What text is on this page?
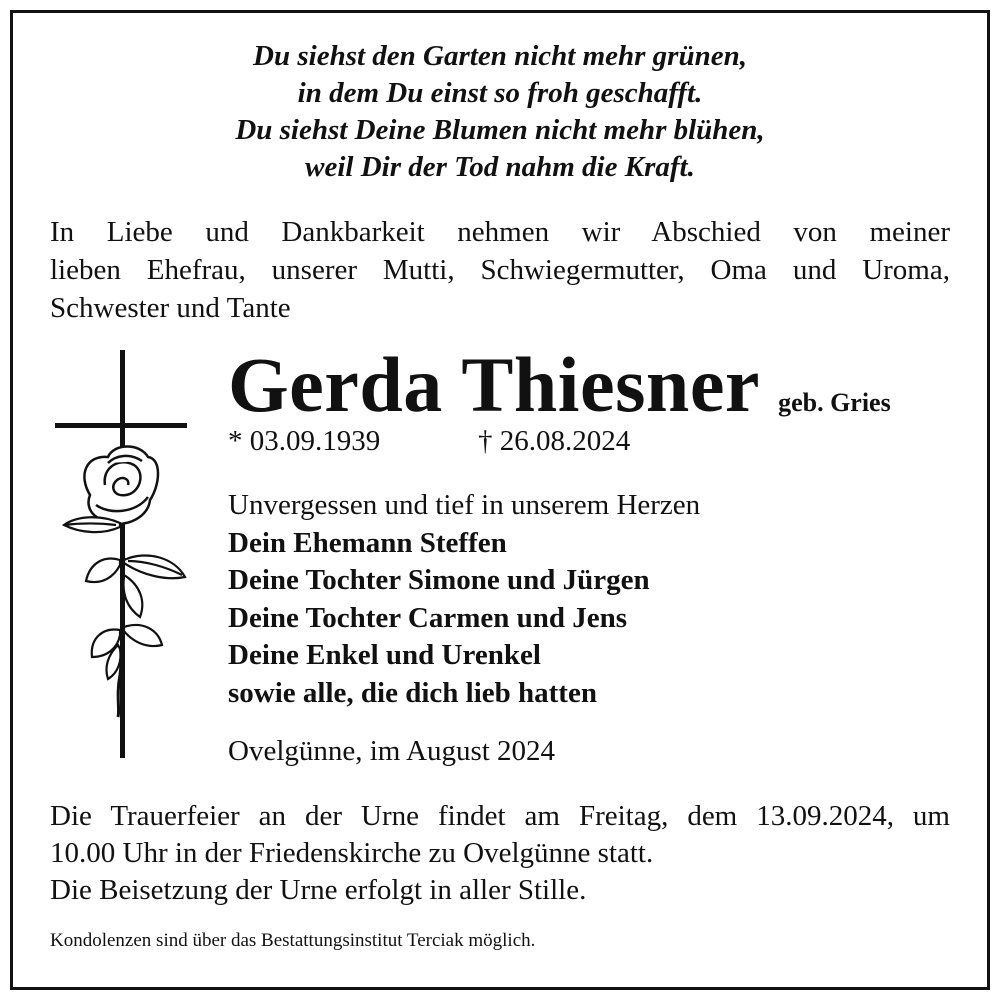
Du siehst den Garten nicht mehr grünen,
in dem Du einst so froh geschafft.
Du siehst Deine Blumen nicht mehr blühen,
weil Dir der Tod nahm die Kraft.
In Liebe und Dankbarkeit nehmen wir Abschied von meiner
lieben Ehefrau, unserer Mutti, Schwiegermutter, Oma und Uroma,
Schwester und Tante
Gerda Thiesner geb. Gries
* 03.09.1939	† 26.08.2024
Unvergessen und tief in unserem Herzen
Dein Ehemann Steffen
Deine Tochter Simone und Jürgen
Deine Tochter Carmen und Jens
Deine Enkel und Urenkel
sowie alle, die dich lieb hatten
Ovelgünne, im August 2024
Die Trauerfeier an der Urne findet am Freitag, dem 13.09.2024, um
10.00 Uhr in der Friedenskirche zu Ovelgünne statt.
Die Beisetzung der Urne erfolgt in aller Stille.
Kondolenzen sind über das Bestattungsinstitut Terciak möglich.
